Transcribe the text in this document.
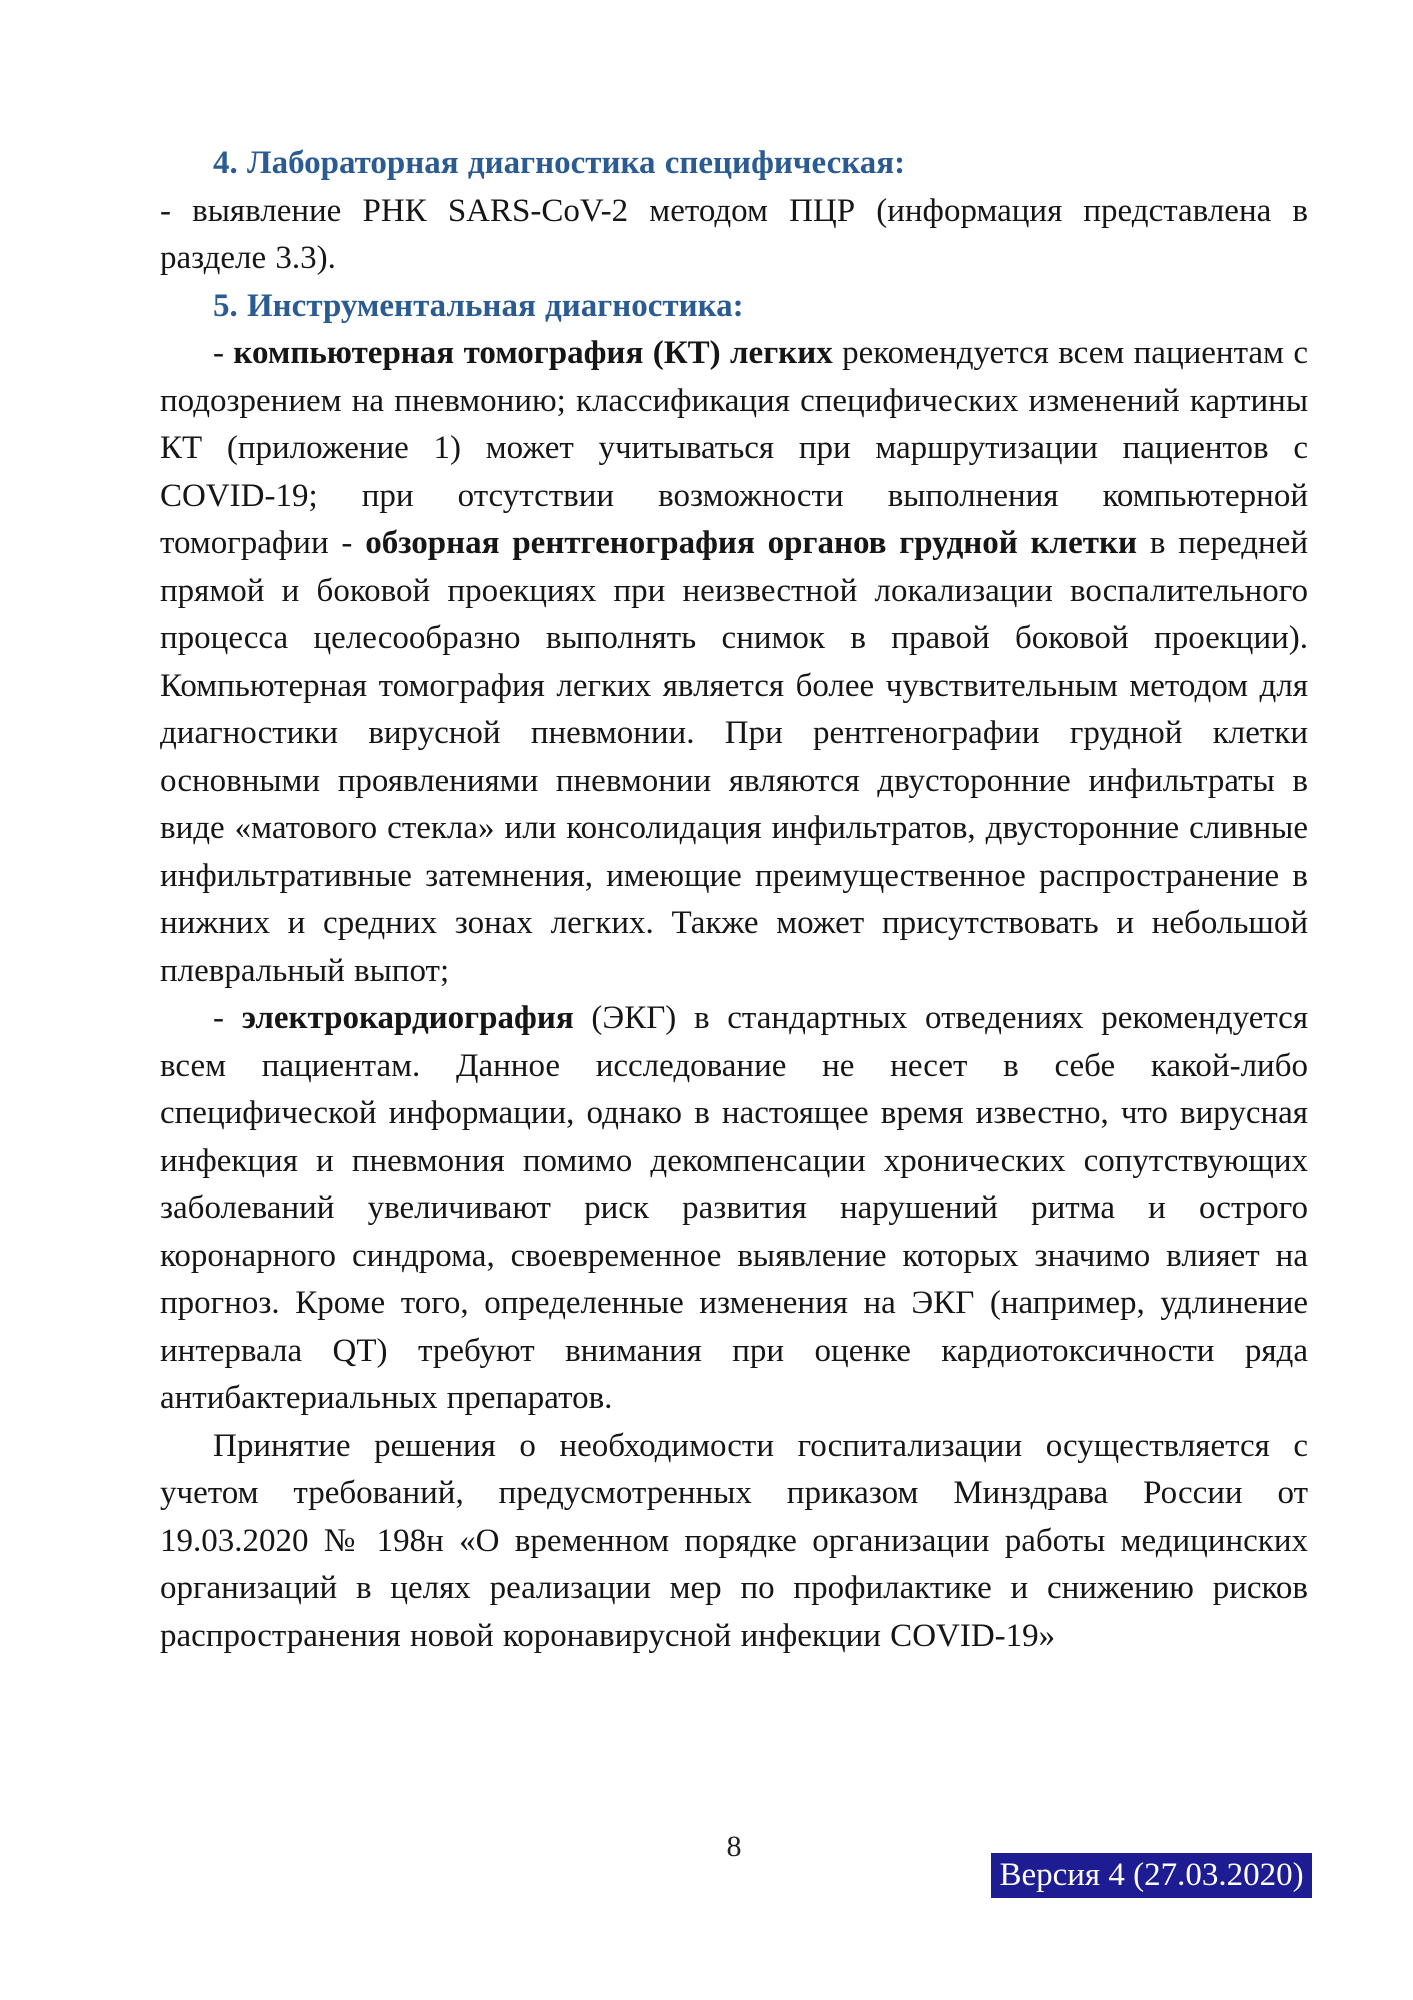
4. Лабораторная диагностика специфическая:

- выявление РНК SARS-CoV-2 методом ПЦР (информация представлена в разделе 3.3).

5. Инструментальная диагностика:

- компьютерная томография (КТ) легких рекомендуется всем пациентам с подозрением на пневмонию; классификация специфических изменений картины КТ (приложение 1) может учитываться при маршрутизации пациентов с COVID-19; при отсутствии возможности выполнения компьютерной томографии - обзорная рентгенография органов грудной клетки в передней прямой и боковой проекциях при неизвестной локализации воспалительного процесса целесообразно выполнять снимок в правой боковой проекции). Компьютерная томография легких является более чувствительным методом для диагностики вирусной пневмонии. При рентгенографии грудной клетки основными проявлениями пневмонии являются двусторонние инфильтраты в виде «матового стекла» или консолидация инфильтратов, двусторонние сливные инфильтративные затемнения, имеющие преимущественное распространение в нижних и средних зонах легких. Также может присутствовать и небольшой плевральный выпот;

- электрокардиография (ЭКГ) в стандартных отведениях рекомендуется всем пациентам. Данное исследование не несет в себе какой-либо специфической информации, однако в настоящее время известно, что вирусная инфекция и пневмония помимо декомпенсации хронических сопутствующих заболеваний увеличивают риск развития нарушений ритма и острого коронарного синдрома, своевременное выявление которых значимо влияет на прогноз. Кроме того, определенные изменения на ЭКГ (например, удлинение интервала QT) требуют внимания при оценке кардиотоксичности ряда антибактериальных препаратов.

Принятие решения о необходимости госпитализации осуществляется с учетом требований, предусмотренных приказом Минздрава России от 19.03.2020 № 198н «О временном порядке организации работы медицинских организаций в целях реализации мер по профилактике и снижению рисков распространения новой коронавирусной инфекции COVID-19»

8
Версия 4 (27.03.2020)
